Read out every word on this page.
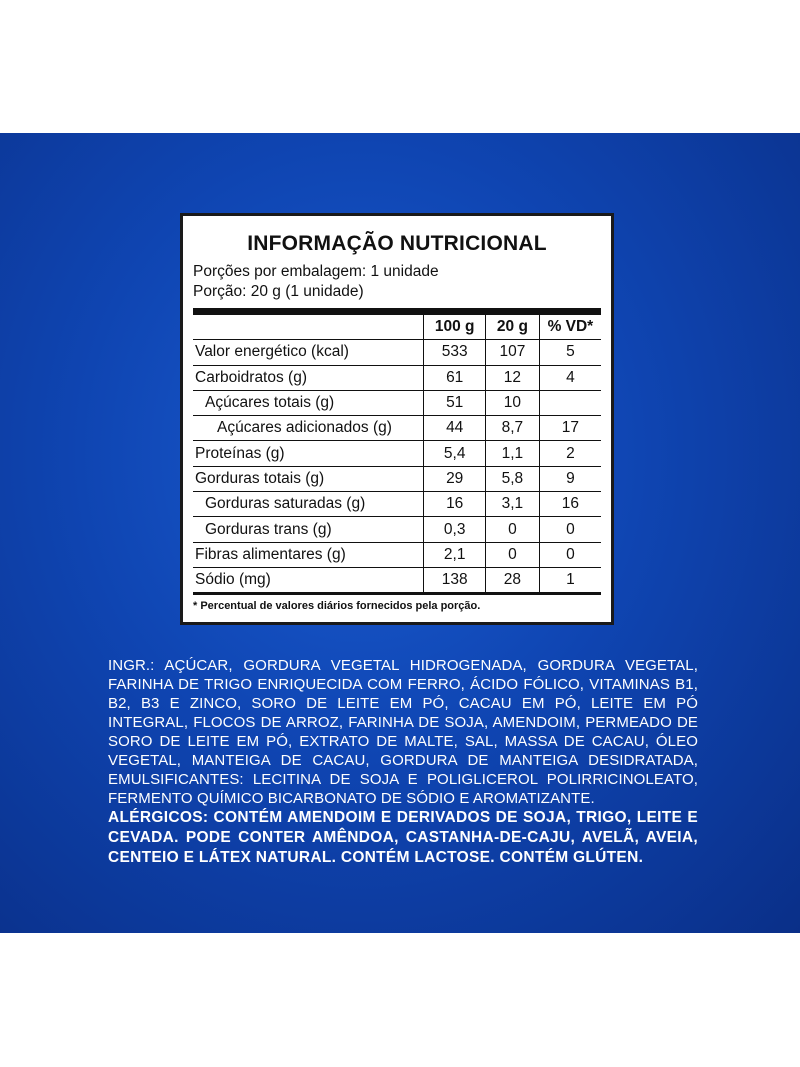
INFORMAÇÃO NUTRICIONAL
Porções por embalagem: 1 unidade
Porção: 20 g (1 unidade)
	100 g	20 g	% VD*
Valor energético (kcal)	533	107	5
Carboidratos (g)	61	12	4
Açúcares totais (g)	51	10	
Açúcares adicionados (g)	44	8,7	17
Proteínas (g)	5,4	1,1	2
Gorduras totais (g)	29	5,8	9
Gorduras saturadas (g)	16	3,1	16
Gorduras trans (g)	0,3	0	0
Fibras alimentares (g)	2,1	0	0
Sódio (mg)	138	28	1
* Percentual de valores diários fornecidos pela porção.
INGR.: AÇÚCAR, GORDURA VEGETAL HIDROGENADA, GORDURA VEGETAL, FARINHA DE TRIGO ENRIQUECIDA COM FERRO, ÁCIDO FÓLICO, VITAMINAS B1, B2, B3 E ZINCO, SORO DE LEITE EM PÓ, CACAU EM PÓ, LEITE EM PÓ INTEGRAL, FLOCOS DE ARROZ, FARINHA DE SOJA, AMENDOIM, PERMEADO DE SORO DE LEITE EM PÓ, EXTRATO DE MALTE, SAL, MASSA DE CACAU, ÓLEO VEGETAL, MANTEIGA DE CACAU, GORDURA DE MANTEIGA DESIDRATADA, EMULSIFICANTES: LECITINA DE SOJA E POLIGLICEROL POLIRRICINOLEATO, FERMENTO QUÍMICO BICARBONATO DE SÓDIO E AROMATIZANTE.
ALÉRGICOS: CONTÉM AMENDOIM E DERIVADOS DE SOJA, TRIGO, LEITE E CEVADA. PODE CONTER AMÊNDOA, CASTANHA-DE-CAJU, AVELÃ, AVEIA, CENTEIO E LÁTEX NATURAL. CONTÉM LACTOSE. CONTÉM GLÚTEN.
